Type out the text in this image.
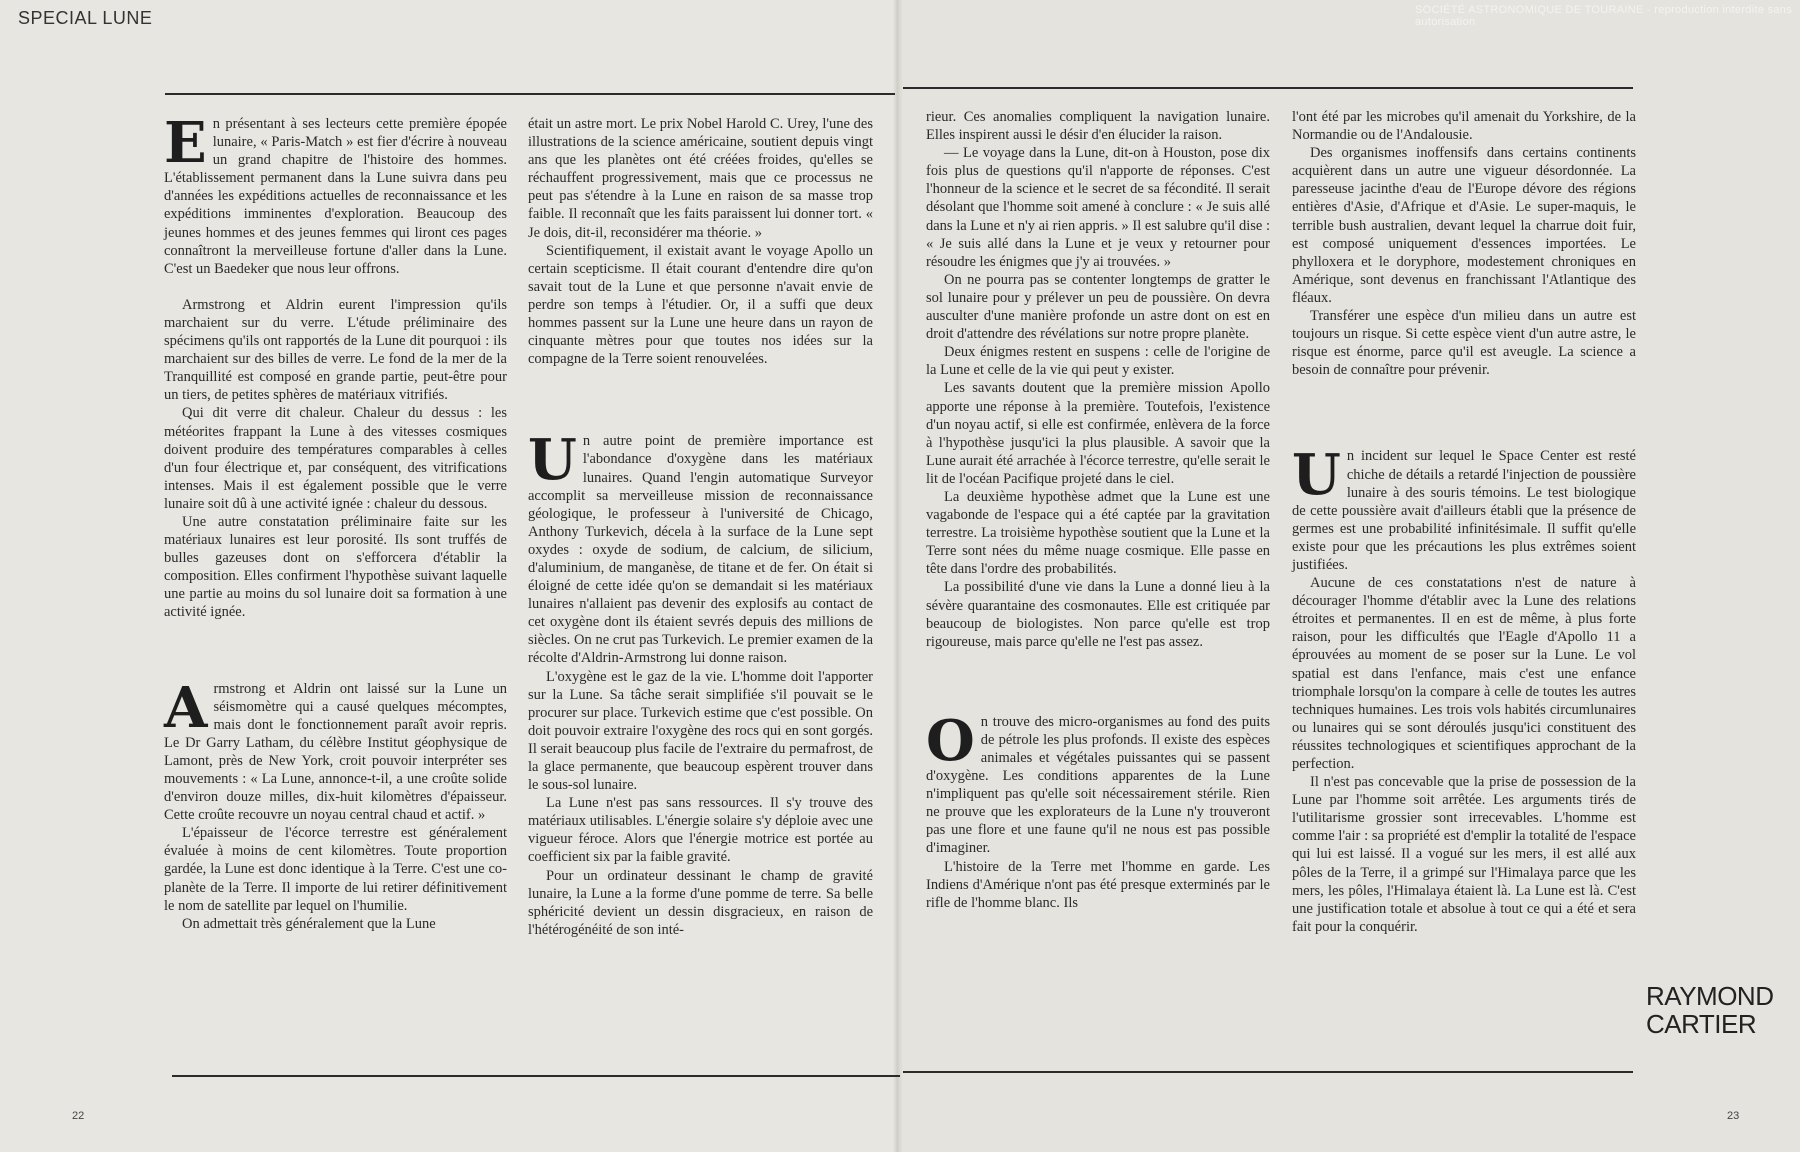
SPECIAL LUNE	SOCIÉTÉ ASTRONOMIQUE DE TOURAINE - reproduction interdite sans autorisation
E n présentant à ses lecteurs cette première épopée lunaire, « Paris-Match » est fier d'écrire à nouveau un grand chapitre de l'histoire des hommes. L'établissement permanent dans la Lune suivra dans peu d'années les expéditions actuelles de reconnaissance et les expéditions imminentes d'exploration. Beaucoup des jeunes hommes et des jeunes femmes qui liront ces pages connaîtront la merveilleuse fortune d'aller dans la Lune. C'est un Baedeker que nous leur offrons.

Armstrong et Aldrin eurent l'impression qu'ils marchaient sur du verre. L'étude préliminaire des spécimens qu'ils ont rapportés de la Lune dit pourquoi : ils marchaient sur des billes de verre. Le fond de la mer de la Tranquillité est composé en grande partie, peut-être pour un tiers, de petites sphères de matériaux vitrifiés.

Qui dit verre dit chaleur. Chaleur du dessus : les météorites frappant la Lune à des vitesses cosmiques doivent produire des températures comparables à celles d'un four électrique et, par conséquent, des vitrifications intenses. Mais il est également possible que le verre lunaire soit dû à une activité ignée : chaleur du dessous.

Une autre constatation préliminaire faite sur les matériaux lunaires est leur porosité. Ils sont truffés de bulles gazeuses dont on s'efforcera d'établir la composition. Elles confirment l'hypothèse suivant laquelle une partie au moins du sol lunaire doit sa formation à une activité ignée.

A rmstrong et Aldrin ont laissé sur la Lune un séismomètre qui a causé quelques mécomptes, mais dont le fonctionnement paraît avoir repris. Le Dr Garry Latham, du célèbre Institut géophysique de Lamont, près de New York, croit pouvoir interpréter ses mouvements : « La Lune, annonce-t-il, a une croûte solide d'environ douze milles, dix-huit kilomètres d'épaisseur. Cette croûte recouvre un noyau central chaud et actif. »

L'épaisseur de l'écorce terrestre est généralement évaluée à moins de cent kilomètres. Toute proportion gardée, la Lune est donc identique à la Terre. C'est une co-planète de la Terre. Il importe de lui retirer définitivement le nom de satellite par lequel on l'humilie.

On admettait très généralement que la Lune

était un astre mort. Le prix Nobel Harold C. Urey, l'une des illustrations de la science américaine, soutient depuis vingt ans que les planètes ont été créées froides, qu'elles se réchauffent progressivement, mais que ce processus ne peut pas s'étendre à la Lune en raison de sa masse trop faible. Il reconnaît que les faits paraissent lui donner tort. « Je dois, dit-il, reconsidérer ma théorie. »

Scientifiquement, il existait avant le voyage Apollo un certain scepticisme. Il était courant d'entendre dire qu'on savait tout de la Lune et que personne n'avait envie de perdre son temps à l'étudier. Or, il a suffi que deux hommes passent sur la Lune une heure dans un rayon de cinquante mètres pour que toutes nos idées sur la compagne de la Terre soient renouvelées.

U n autre point de première importance est l'abondance d'oxygène dans les matériaux lunaires. Quand l'engin automatique Surveyor accomplit sa merveilleuse mission de reconnaissance géologique, le professeur à l'université de Chicago, Anthony Turkevich, décela à la surface de la Lune sept oxydes : oxyde de sodium, de calcium, de silicium, d'aluminium, de manganèse, de titane et de fer. On était si éloigné de cette idée qu'on se demandait si les matériaux lunaires n'allaient pas devenir des explosifs au contact de cet oxygène dont ils étaient sevrés depuis des millions de siècles. On ne crut pas Turkevich. Le premier examen de la récolte d'Aldrin-Armstrong lui donne raison.

L'oxygène est le gaz de la vie. L'homme doit l'apporter sur la Lune. Sa tâche serait simplifiée s'il pouvait se le procurer sur place. Turkevich estime que c'est possible. On doit pouvoir extraire l'oxygène des rocs qui en sont gorgés. Il serait beaucoup plus facile de l'extraire du permafrost, de la glace permanente, que beaucoup espèrent trouver dans le sous-sol lunaire.

La Lune n'est pas sans ressources. Il s'y trouve des matériaux utilisables. L'énergie solaire s'y déploie avec une vigueur féroce. Alors que l'énergie motrice est portée au coefficient six par la faible gravité.

Pour un ordinateur dessinant le champ de gravité lunaire, la Lune a la forme d'une pomme de terre. Sa belle sphéricité devient un dessin disgracieux, en raison de l'hétérogénéité de son inté-

rieur. Ces anomalies compliquent la navigation lunaire. Elles inspirent aussi le désir d'en élucider la raison.

— Le voyage dans la Lune, dit-on à Houston, pose dix fois plus de questions qu'il n'apporte de réponses. C'est l'honneur de la science et le secret de sa fécondité. Il serait désolant que l'homme soit amené à conclure : « Je suis allé dans la Lune et n'y ai rien appris. » Il est salubre qu'il dise : « Je suis allé dans la Lune et je veux y retourner pour résoudre les énigmes que j'y ai trouvées. »

On ne pourra pas se contenter longtemps de gratter le sol lunaire pour y prélever un peu de poussière. On devra ausculter d'une manière profonde un astre dont on est en droit d'attendre des révélations sur notre propre planète.

Deux énigmes restent en suspens : celle de l'origine de la Lune et celle de la vie qui peut y exister.

Les savants doutent que la première mission Apollo apporte une réponse à la première. Toutefois, l'existence d'un noyau actif, si elle est confirmée, enlèvera de la force à l'hypothèse jusqu'ici la plus plausible. A savoir que la Lune aurait été arrachée à l'écorce terrestre, qu'elle serait le lit de l'océan Pacifique projeté dans le ciel.

La deuxième hypothèse admet que la Lune est une vagabonde de l'espace qui a été captée par la gravitation terrestre. La troisième hypothèse soutient que la Lune et la Terre sont nées du même nuage cosmique. Elle passe en tête dans l'ordre des probabilités.

La possibilité d'une vie dans la Lune a donné lieu à la sévère quarantaine des cosmonautes. Elle est critiquée par beaucoup de biologistes. Non parce qu'elle est trop rigoureuse, mais parce qu'elle ne l'est pas assez.

O n trouve des micro-organismes au fond des puits de pétrole les plus profonds. Il existe des espèces animales et végétales puissantes qui se passent d'oxygène. Les conditions apparentes de la Lune n'impliquent pas qu'elle soit nécessairement stérile. Rien ne prouve que les explorateurs de la Lune n'y trouveront pas une flore et une faune qu'il ne nous est pas possible d'imaginer.

L'histoire de la Terre met l'homme en garde. Les Indiens d'Amérique n'ont pas été presque exterminés par le rifle de l'homme blanc. Ils

l'ont été par les microbes qu'il amenait du Yorkshire, de la Normandie ou de l'Andalousie.

Des organismes inoffensifs dans certains continents acquièrent dans un autre une vigueur désordonnée. La paresseuse jacinthe d'eau de l'Europe dévore des régions entières d'Asie, d'Afrique et d'Asie. Le super-maquis, le terrible bush australien, devant lequel la charrue doit fuir, est composé uniquement d'essences importées. Le phylloxera et le doryphore, modestement chroniques en Amérique, sont devenus en franchissant l'Atlantique des fléaux.

Transférer une espèce d'un milieu dans un autre est toujours un risque. Si cette espèce vient d'un autre astre, le risque est énorme, parce qu'il est aveugle. La science a besoin de connaître pour prévenir.

U n incident sur lequel le Space Center est resté chiche de détails a retardé l'injection de poussière lunaire à des souris témoins. Le test biologique de cette poussière avait d'ailleurs établi que la présence de germes est une probabilité infinitésimale. Il suffit qu'elle existe pour que les précautions les plus extrêmes soient justifiées.

Aucune de ces constatations n'est de nature à décourager l'homme d'établir avec la Lune des relations étroites et permanentes. Il en est de même, à plus forte raison, pour les difficultés que l'Eagle d'Apollo 11 a éprouvées au moment de se poser sur la Lune. Le vol spatial est dans l'enfance, mais c'est une enfance triomphale lorsqu'on la compare à celle de toutes les autres techniques humaines. Les trois vols habités circumlunaires ou lunaires qui se sont déroulés jusqu'ici constituent des réussites technologiques et scientifiques approchant de la perfection.

Il n'est pas concevable que la prise de possession de la Lune par l'homme soit arrêtée. Les arguments tirés de l'utilitarisme grossier sont irrecevables. L'homme est comme l'air : sa propriété est d'emplir la totalité de l'espace qui lui est laissé. Il a vogué sur les mers, il est allé aux pôles de la Terre, il a grimpé sur l'Himalaya parce que les mers, les pôles, l'Himalaya étaient là. La Lune est là. C'est une justification totale et absolue à tout ce qui a été et sera fait pour la conquérir.

RAYMOND
CARTIER
22	23
